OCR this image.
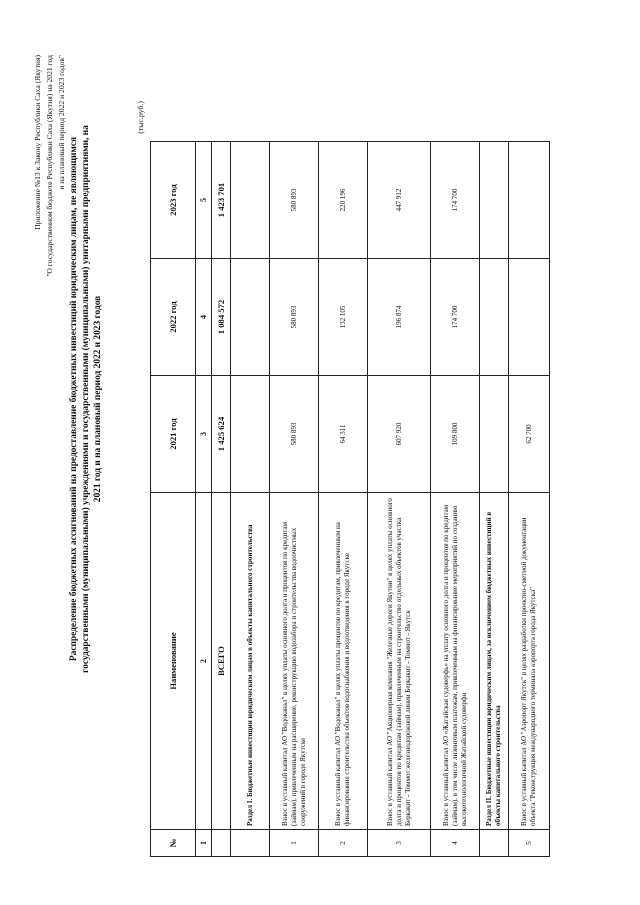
Приложение №13 к Закону Республики Саха (Якутия) "О государственном бюджете Республики Саха (Якутия) на 2021 год и на плановый период 2022 и 2023 годов"
Распределение бюджетных ассигнований на предоставление бюджетных инвестиций юридическим лицам, не являющимся государственными (муниципальными) учреждениями и государственными (муниципальными) унитарными предприятиями, на 2021 год и на плановый период 2022 и 2023 годов
(тыс.руб.)
№	Наименование	2021 год	2022 год	2023 год
1	2	3	4	5
	ВСЕГО	1 425 624	1 084 572	1 423 701
	Раздел I. Бюджетные инвестиции юридическим лицам в объекты капитального строительства			
1	Взнос в уставный капитал АО "Водоканал" в целях уплаты основного долга и процентов по кредитам (займам), привлеченным на расширение, реконструкцию водозабора и строительства водоочистных сооружений в городе Якутске	580 893	580 893	580 893
2	Взнос в уставный капитал АО "Водоканал" в целях уплаты процентов по кредитам, привлеченным на финансирование строительства объектов водоснабжения и водоотведения в городе Якутске	64 311	132 105	220 196
3	Взнос в уставный капитал АО "Акционерная компания "Железные дороги Якутии" в целях уплаты основного долга и процентов по кредитам (займам), привлеченным на строительство отдельных объектов участка Беркакит - Томмот железнодорожной линии Беркакит - Томмот - Якутск	607 920	196 874	447 912
4	Взнос в уставный капитал АО «Жатайская судоверфь» на уплату основного долга и процентов по кредитам (займам), в том числе лизинговым платежам, привлеченным на финансирование мероприятий по созданию высокотехнологичной Жатайской судоверфи	109 800	174 700	174 700
	Раздел II. Бюджетные инвестиции юридическим лицам, за исключением бюджетных инвестиций в объекты капитального строительства			
5	Взнос в уставный капитал АО "Аэропорт Якутск" в целях разработки проектно-сметной документации объекта "Реконструкция международного терминала аэропорта города Якутска"	62 700		
